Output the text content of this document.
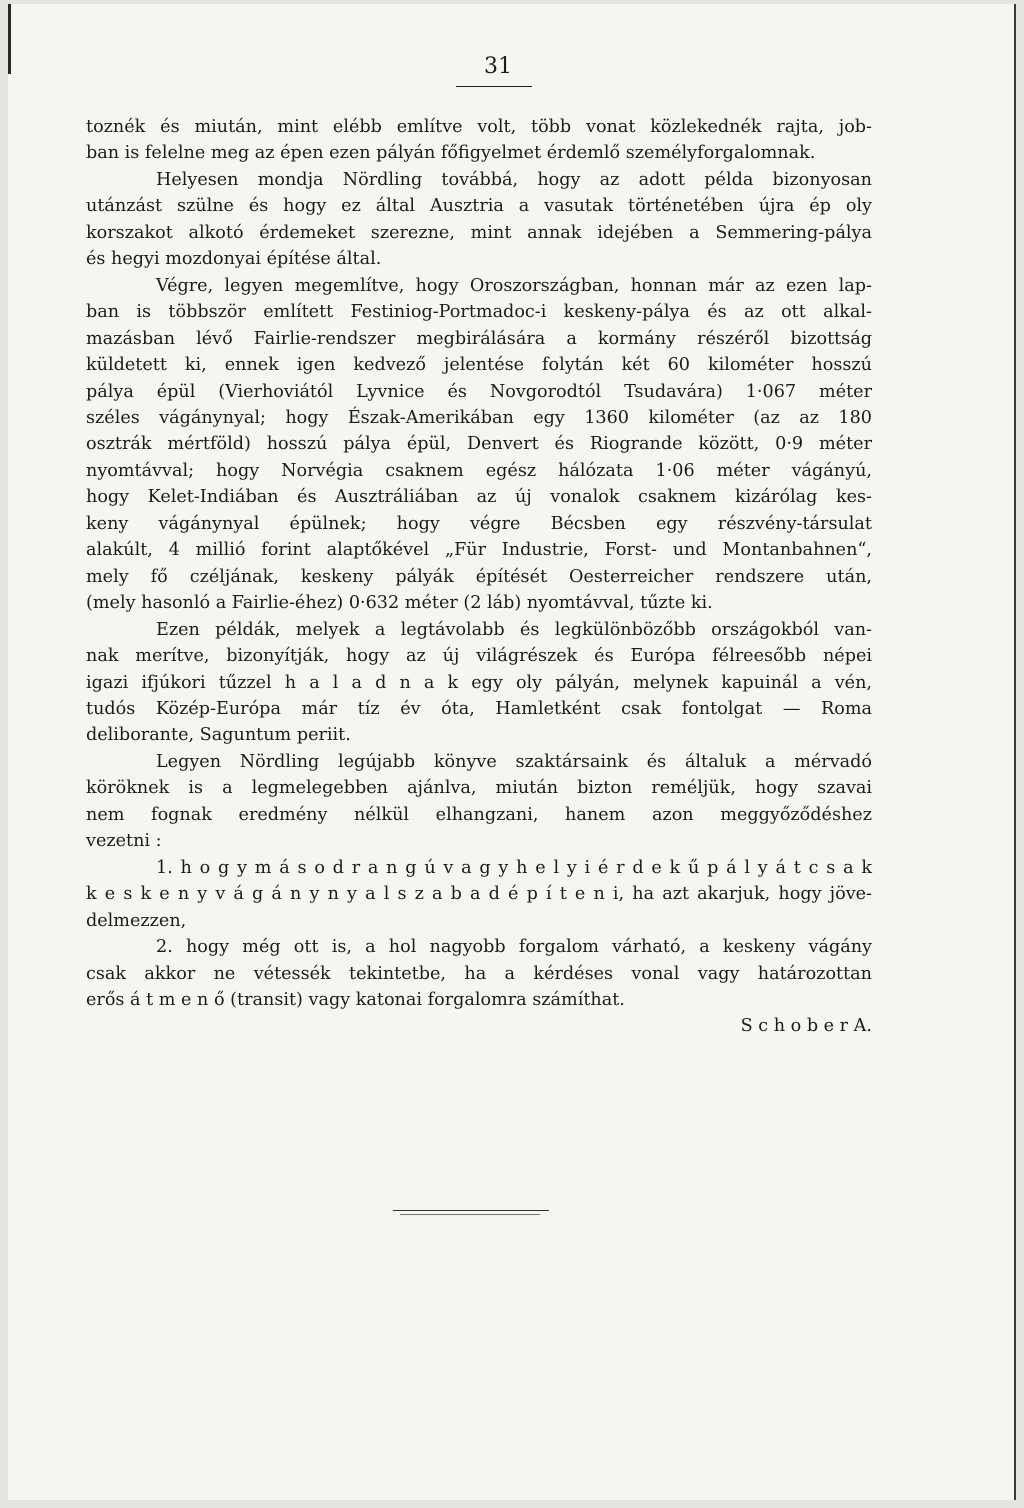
31
toznék és miután, mint elébb említve volt, több vonat közlekednék rajta, job-
ban is felelne meg az épen ezen pályán főfigyelmet érdemlő személyforgalomnak.
Helyesen mondja Nördling továbbá, hogy az adott példa bizonyosan
utánzást szülne és hogy ez által Ausztria a vasutak történetében újra ép oly
korszakot alkotó érdemeket szerezne, mint annak idejében a Semmering-pálya
és hegyi mozdonyai építése által.
Végre, legyen megemlítve, hogy Oroszországban, honnan már az ezen lap-
ban is többször említett Festiniog-Portmadoc-i keskeny-pálya és az ott alkal-
mazásban lévő Fairlie-rendszer megbirálására a kormány részéről bizottság
küldetett ki, ennek igen kedvező jelentése folytán két 60 kilométer hosszú
pálya épül (Vierhoviától Lyvnice és Novgorodtól Tsudavára) 1·067 méter
széles vágánynyal; hogy Észak-Amerikában egy 1360 kilométer (az az 180
osztrák mértföld) hosszú pálya épül, Denvert és Riogrande között, 0·9 méter
nyomtávval; hogy Norvégia csaknem egész hálózata 1·06 méter vágányú,
hogy Kelet-Indiában és Ausztráliában az új vonalok csaknem kizárólag kes-
keny vágánynyal épülnek; hogy végre Bécsben egy részvény-társulat
alakúlt, 4 millió forint alaptőkével „Für Industrie, Forst- und Montanbahnen“,
mely fő czéljának, keskeny pályák építését Oesterreicher rendszere után,
(mely hasonló a Fairlie-éhez) 0·632 méter (2 láb) nyomtávval, tűzte ki.
Ezen példák, melyek a legtávolabb és legkülönbözőbb országokból van-
nak merítve, bizonyítják, hogy az új világrészek és Európa félreesőbb népei
igazi ifjúkori tűzzel h a l a d n a k egy oly pályán, melynek kapuinál a vén,
tudós Közép-Európa már tíz év óta, Hamletként csak fontolgat — Roma
deliborante, Saguntum periit.
Legyen Nördling legújabb könyve szaktársaink és általuk a mérvadó
köröknek is a legmelegebben ajánlva, miután bizton reméljük, hogy szavai
nem fognak eredmény nélkül elhangzani, hanem azon meggyőződéshez
vezetni :
1. h o g y m á s o d r a n g ú v a g y h e l y i é r d e k ű p á l y á t c s a k
k e s k e n y v á g á n y n y a l s z a b a d é p í t e n i, ha azt akarjuk, hogy jöve-
delmezzen,
2. hogy még ott is, a hol nagyobb forgalom várható, a keskeny vágány
csak akkor ne vétessék tekintetbe, ha a kérdéses vonal vagy határozottan
erős á t m e n ő (transit) vagy katonai forgalomra számíthat.
S c h o b e r A.
